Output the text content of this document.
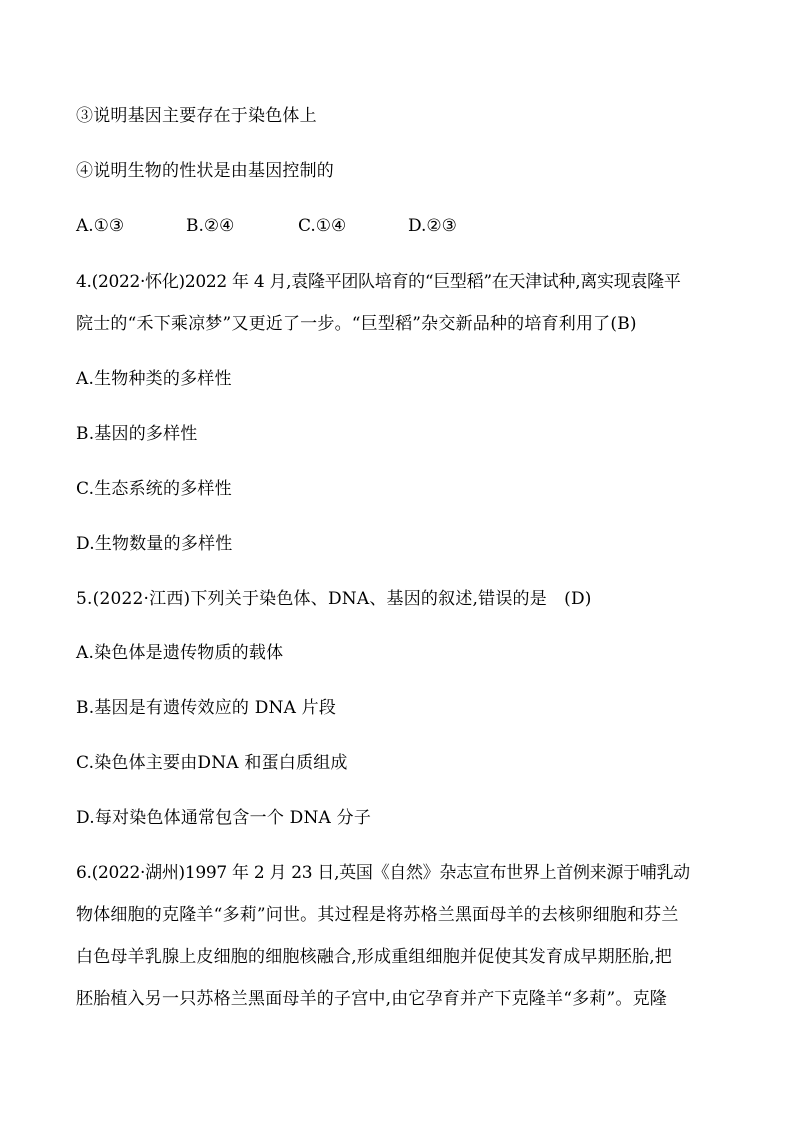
③说明基因主要存在于染色体上
④说明生物的性状是由基因控制的
A.①③	B.②④	C.①④	D.②③
4.(2022·怀化)2022 年 4 月,袁隆平团队培育的“巨型稻”在天津试种,离实现袁隆平
院士的“禾下乘凉梦”又更近了一步。“巨型稻”杂交新品种的培育利用了(B)
A.生物种类的多样性
B.基因的多样性
C.生态系统的多样性
D.生物数量的多样性
5.(2022·江西)下列关于染色体、DNA、基因的叙述,错误的是　(D)
A.染色体是遗传物质的载体
B.基因是有遗传效应的 DNA 片段
C.染色体主要由DNA 和蛋白质组成
D.每对染色体通常包含一个 DNA 分子
6.(2022·湖州)1997 年 2 月 23 日,英国《自然》杂志宣布世界上首例来源于哺乳动
物体细胞的克隆羊“多莉”问世。其过程是将苏格兰黑面母羊的去核卵细胞和芬兰
白色母羊乳腺上皮细胞的细胞核融合,形成重组细胞并促使其发育成早期胚胎,把
胚胎植入另一只苏格兰黑面母羊的子宫中,由它孕育并产下克隆羊“多莉”。克隆
